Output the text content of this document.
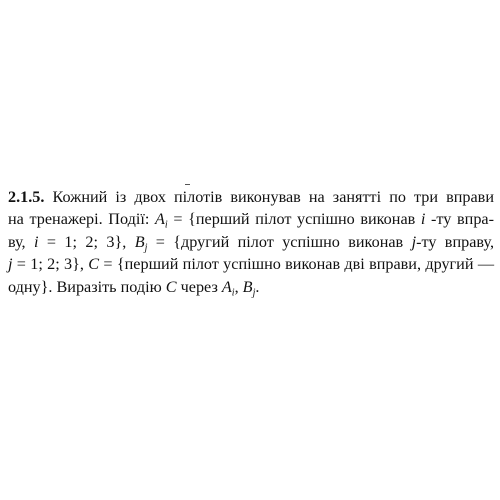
2.1.5. Кожний із двох пілотів виконував на занятті по три вправи
на тренажері. Події: $A_i$ = {перший пілот успішно виконав i -ту впра-
ву, i = 1; 2; 3}, $B_j$ = {другий пілот успішно виконав j-ту вправу,
j = 1; 2; 3}, C = {перший пілот успішно виконав дві вправи, другий —
одну}. Виразіть подію C через $A_i$, $B_j$.
